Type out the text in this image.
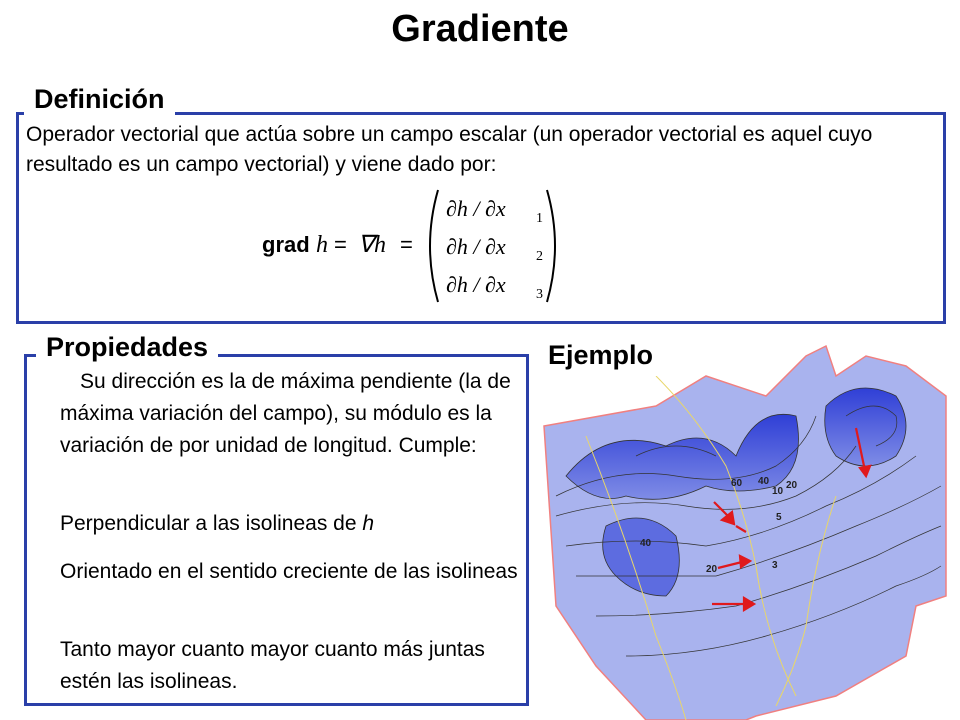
Gradiente
Definición
Operador vectorial que actúa sobre un campo escalar (un operador vectorial es aquel cuyo resultado es un campo vectorial) y viene dado por:
grad h = ∇h =
∂h / ∂x 1
∂h / ∂x 2
∂h / ∂x 3
Propiedades
Su dirección es la de máxima pendiente (la de máxima variación del campo), su módulo es la variación de por unidad de longitud. Cumple:
Perpendicular a las isolineas de h
Orientado en el sentido creciente de las isolineas
Tanto mayor cuanto mayor cuanto más juntas estén las isolineas.
60 40 20
10
5
3
40
20
Ejemplo
